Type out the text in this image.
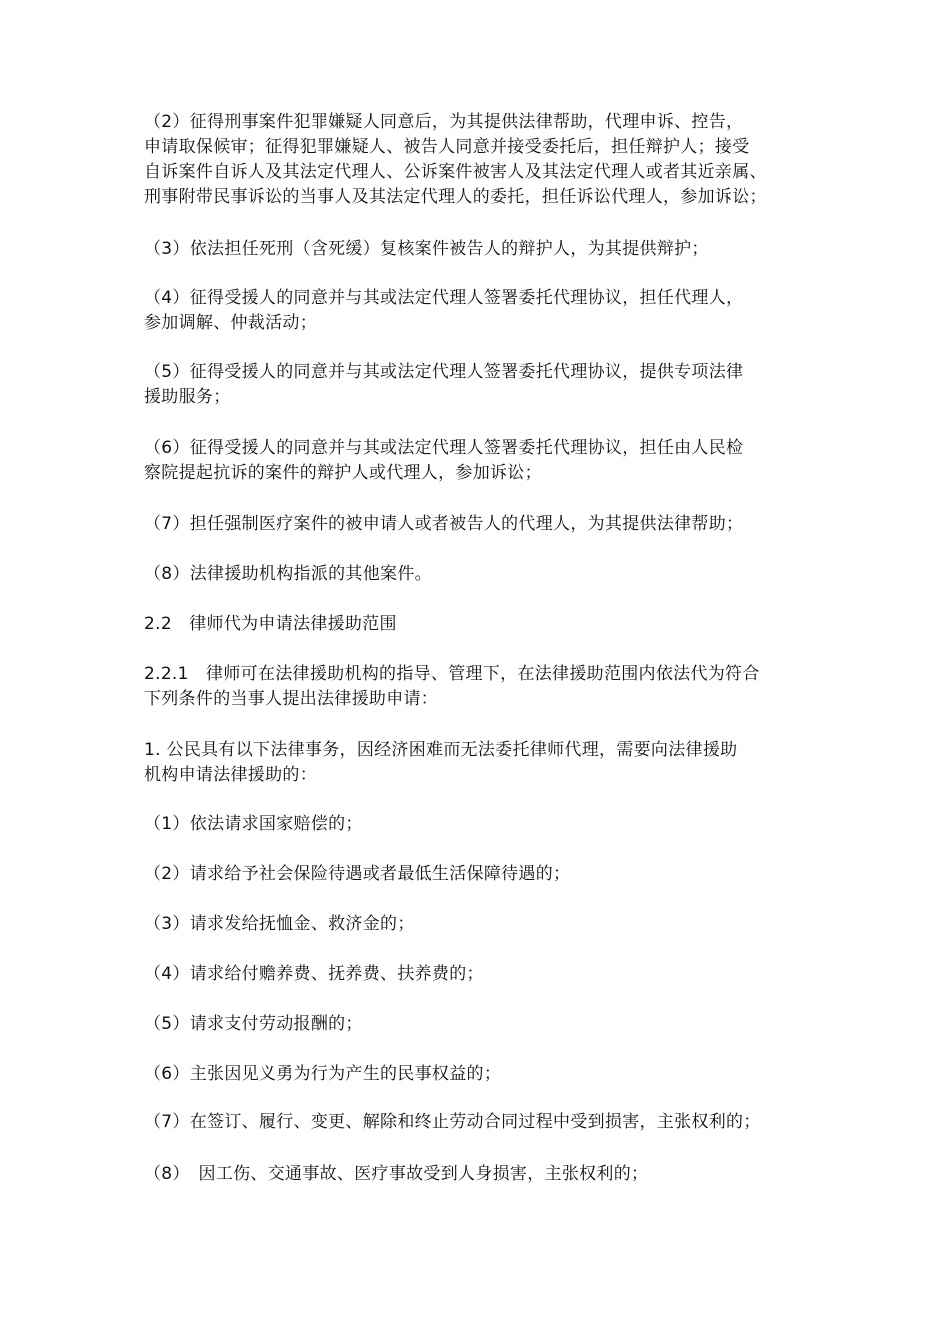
（2）征得刑事案件犯罪嫌疑人同意后，为其提供法律帮助，代理申诉、控告，
申请取保候审；征得犯罪嫌疑人、被告人同意并接受委托后，担任辩护人；接受
自诉案件自诉人及其法定代理人、公诉案件被害人及其法定代理人或者其近亲属、
刑事附带民事诉讼的当事人及其法定代理人的委托，担任诉讼代理人，参加诉讼；

（3）依法担任死刑（含死缓）复核案件被告人的辩护人，为其提供辩护；

（4）征得受援人的同意并与其或法定代理人签署委托代理协议，担任代理人，
参加调解、仲裁活动；

（5）征得受援人的同意并与其或法定代理人签署委托代理协议，提供专项法律
援助服务；

（6）征得受援人的同意并与其或法定代理人签署委托代理协议，担任由人民检
察院提起抗诉的案件的辩护人或代理人，参加诉讼；

（7）担任强制医疗案件的被申请人或者被告人的代理人，为其提供法律帮助；

（8）法律援助机构指派的其他案件。

2.2　律师代为申请法律援助范围

2.2.1　律师可在法律援助机构的指导、管理下，在法律援助范围内依法代为符合
下列条件的当事人提出法律援助申请：

1. 公民具有以下法律事务，因经济困难而无法委托律师代理，需要向法律援助
机构申请法律援助的：

（1）依法请求国家赔偿的；

（2）请求给予社会保险待遇或者最低生活保障待遇的；

（3）请求发给抚恤金、救济金的；

（4）请求给付赡养费、抚养费、扶养费的；

（5）请求支付劳动报酬的；

（6）主张因见义勇为行为产生的民事权益的；

（7）在签订、履行、变更、解除和终止劳动合同过程中受到损害，主张权利的；

（8）　因工伤、交通事故、医疗事故受到人身损害，主张权利的；
